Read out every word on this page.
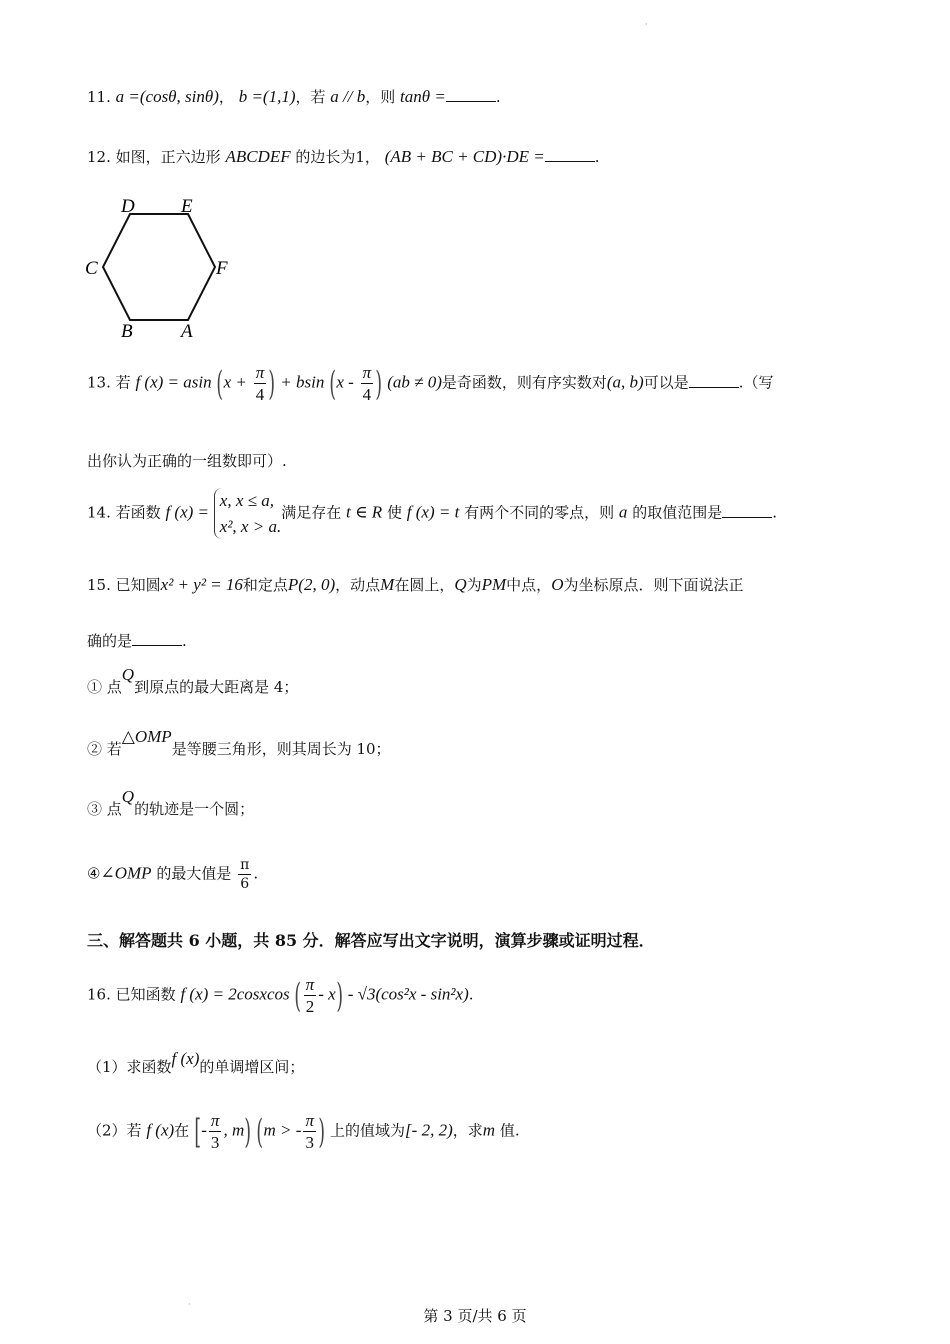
·
·
11. a =(cosθ, sinθ)， b =(1,1)，若 a // b，则 tanθ =	.
12. 如图，正六边形 ABCDEF 的边长为1， (AB + BC + CD)·DE =	.
D E
F
A
B
C
13. 若 f (x) = asin ($x + \frac{\pi}{4}$ ) + bsin ($x - \frac{\pi}{4}$ ) (ab ≠ 0)是奇函数，则有序实数对(a, b)可以是	.（写
出你认为正确的一组数即可）.
14. 若函数 f (x) =
x, x ≤ a,
x², x > a.
满足存在 t ∈ R 使 f (x) = t 有两个不同的零点，则 a 的取值范围是	.
15. 已知圆x² + y² = 16和定点P(2, 0)，动点M在圆上，Q为PM中点，O为坐标原点．则下面说法正
确的是	.
① 点Q到原点的最大距离是 4；
② 若△OMP是等腰三角形，则其周长为 10；
③ 点Q的轨迹是一个圆；
④∠OMP 的最大值是 $\frac{\pi}{6}$ .
三、解答题共 6 小题，共 85 分．解答应写出文字说明，演算步骤或证明过程．
16. 已知函数 f (x) = 2cosxcos ( $\frac{\pi}{2} - x) - √3(\cos^2x - \sin^2x)$.
（1）求函数f (x)的单调增区间；
（2）若 f (x)在 [- $\frac{\pi}{3}$ , m) (m > - $\frac{\pi}{3}$ ) 上的值域为[- 2, 2)，求m 值.
第 3 页/共 6 页
